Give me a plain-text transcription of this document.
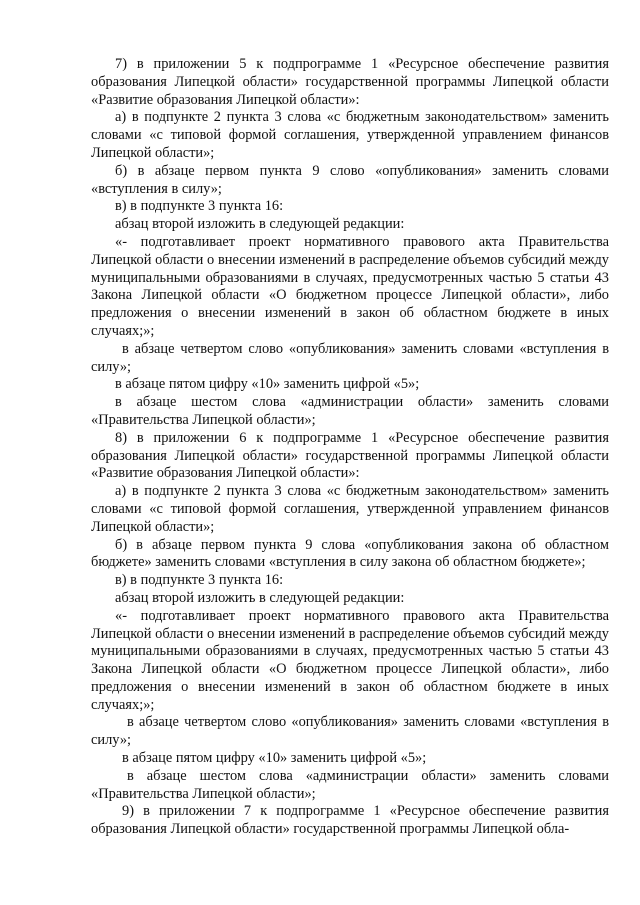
7) в приложении 5 к подпрограмме 1 «Ресурсное обеспечение развития образования Липецкой области» государственной программы Липецкой области «Развитие образования Липецкой области»:

а) в подпункте 2 пункта 3 слова «с бюджетным законодательством» заменить словами «с типовой формой соглашения, утвержденной управлением финансов Липецкой области»;

б) в абзаце первом пункта 9 слово «опубликования» заменить словами «вступления в силу»;

в) в подпункте 3 пункта 16:

абзац второй изложить в следующей редакции:

«- подготавливает проект нормативного правового акта Правительства Липецкой области о внесении изменений в распределение объемов субсидий между муниципальными образованиями в случаях, предусмотренных частью 5 статьи 43 Закона Липецкой области «О бюджетном процессе Липецкой области», либо предложения о внесении изменений в закон об областном бюджете в иных случаях;»;

в абзаце четвертом слово «опубликования» заменить словами «вступления в силу»;

в абзаце пятом цифру «10» заменить цифрой «5»;

в абзаце шестом слова «администрации области» заменить словами «Правительства Липецкой области»;

8) в приложении 6 к подпрограмме 1 «Ресурсное обеспечение развития образования Липецкой области» государственной программы Липецкой области «Развитие образования Липецкой области»:

а) в подпункте 2 пункта 3 слова «с бюджетным законодательством» заменить словами «с типовой формой соглашения, утвержденной управлением финансов Липецкой области»;

б) в абзаце первом пункта 9 слова «опубликования закона об областном бюджете» заменить словами «вступления в силу закона об областном бюджете»;

в) в подпункте 3 пункта 16:

абзац второй изложить в следующей редакции:

«- подготавливает проект нормативного правового акта Правительства Липецкой области о внесении изменений в распределение объемов субсидий между муниципальными образованиями в случаях, предусмотренных частью 5 статьи 43 Закона Липецкой области «О бюджетном процессе Липецкой области», либо предложения о внесении изменений в закон об областном бюджете в иных случаях;»;

в абзаце четвертом слово «опубликования» заменить словами «вступления в силу»;

в абзаце пятом цифру «10» заменить цифрой «5»;

в абзаце шестом слова «администрации области» заменить словами «Правительства Липецкой области»;

9) в приложении 7 к подпрограмме 1 «Ресурсное обеспечение развития образования Липецкой области» государственной программы Липецкой обла-
